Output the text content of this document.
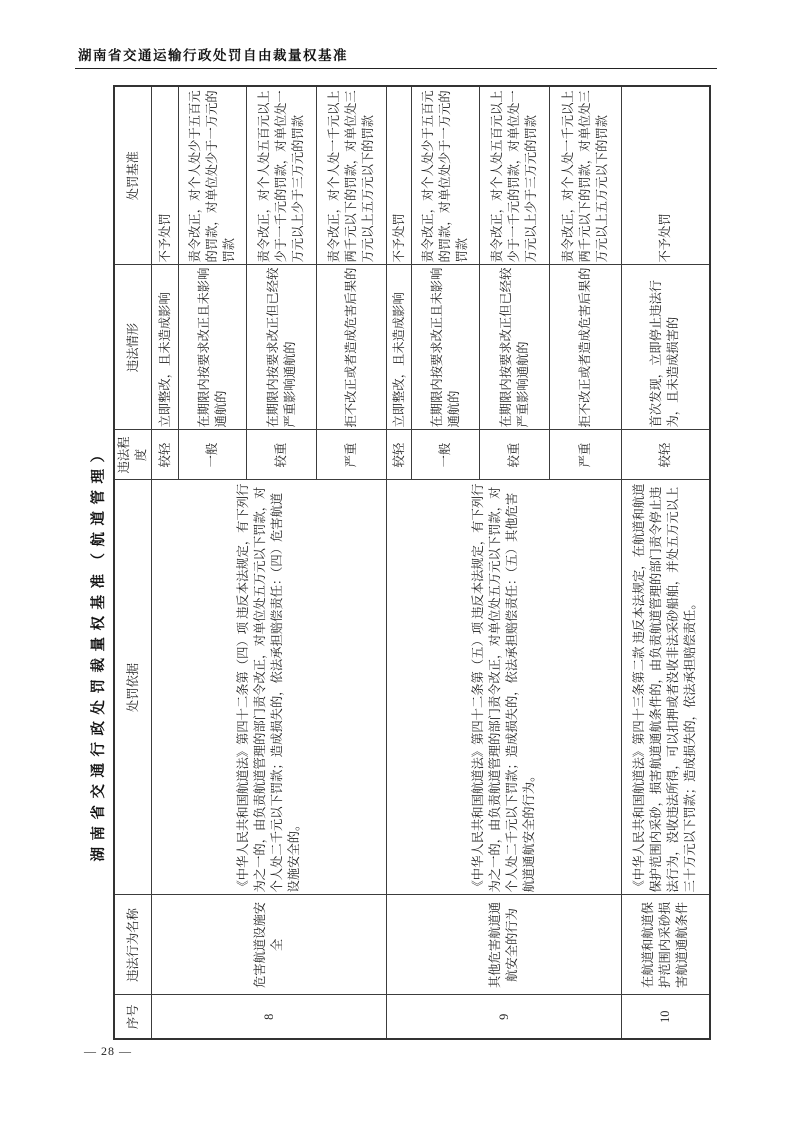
湖南省交通运输行政处罚自由裁量权基准
湖南省交通行政处罚裁量权基准（航道管理）
序号	违法行为名称	处罚依据	违法程度	违法情形	处罚基准
8	危害航道设施安全	《中华人民共和国航道法》第四十二条第（四）项 违反本法规定，有下列行为之一的，由负责航道管理的部门责令改正，对单位处五万元以下罚款，对个人处二千元以下罚款；造成损失的，依法承担赔偿责任：（四）危害航道设施安全的。	较轻	立即整改，且未造成影响	不予处罚
			一般	在期限内按要求改正且未影响通航的	责令改正，对个人处少于五百元的罚款，对单位处少于一万元的罚款
			较重	在期限内按要求改正但已经较严重影响通航的	责令改正，对个人处五百元以上少于一千元的罚款，对单位处一万元以上少于三万元的罚款
			严重	拒不改正或者造成危害后果的	责令改正，对个人处一千元以上两千元以下的罚款，对单位处三万元以上五万元以下的罚款
9	其他危害航道通航安全的行为	《中华人民共和国航道法》第四十二条第（五）项 违反本法规定，有下列行为之一的，由负责航道管理的部门责令改正，对单位处五万元以下罚款，对个人处二千元以下罚款；造成损失的，依法承担赔偿责任：（五）其他危害航道通航安全的行为。	较轻	立即整改，且未造成影响	不予处罚
			一般	在期限内按要求改正且未影响通航的	责令改正，对个人处少于五百元的罚款，对单位处少于一万元的罚款
			较重	在期限内按要求改正但已经较严重影响通航的	责令改正，对个人处五百元以上少于一千元的罚款，对单位处一万元以上少于三万元的罚款
			严重	拒不改正或者造成危害后果的	责令改正，对个人处一千元以上两千元以下的罚款，对单位处三万元以上五万元以下的罚款
10	在航道和航道保护范围内采砂损害航道通航条件	《中华人民共和国航道法》第四十三条第二款 违反本法规定，在航道和航道保护范围内采砂，损害航道通航条件的，由负责航道管理的部门责令停止违法行为，没收违法所得，可以扣押或者没收非法采砂船舶，并处五万元以上三十万元以下罚款；造成损失的，依法承担赔偿责任。	较轻	首次发现，立即停止违法行为，且未造成损害的	不予处罚
— 28 —
